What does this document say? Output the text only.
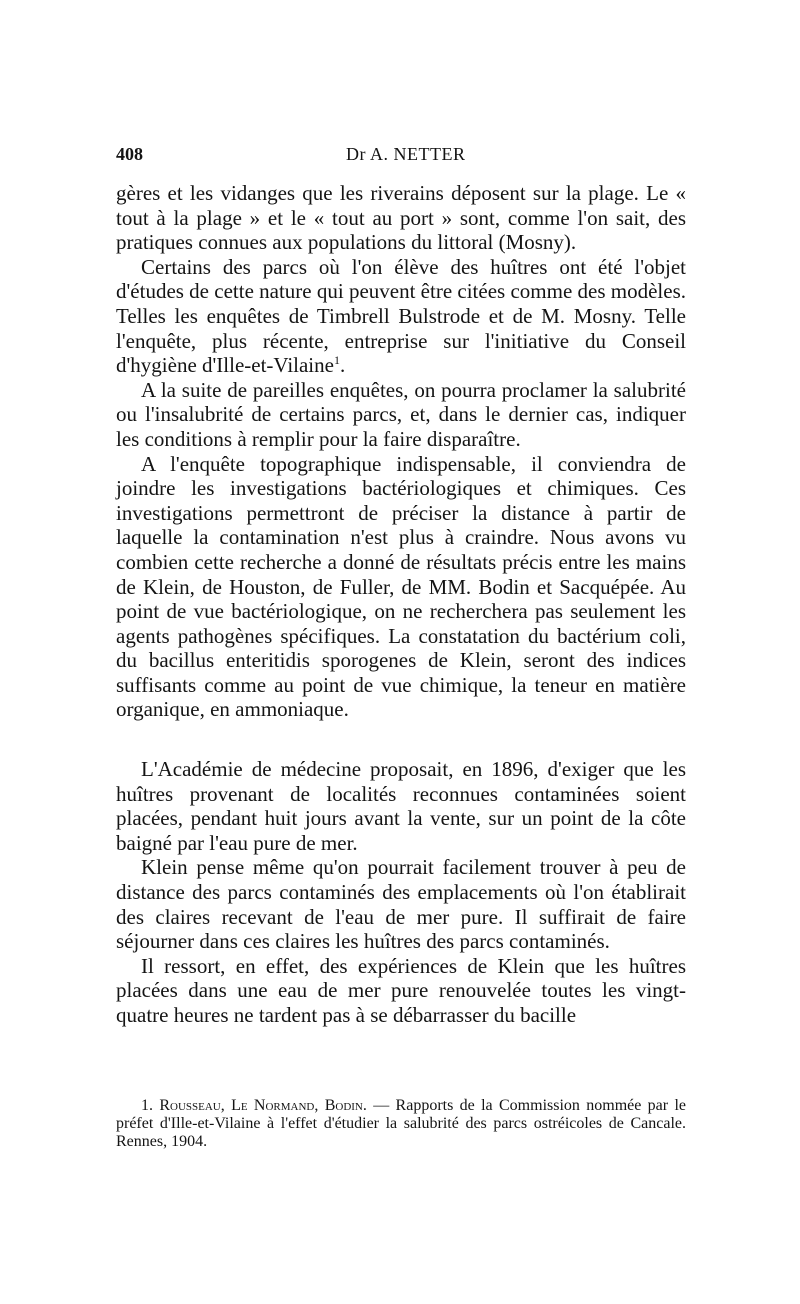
408	Dr A. NETTER

gères et les vidanges que les riverains déposent sur la plage. Le « tout à la plage » et le « tout au port » sont, comme l'on sait, des pratiques connues aux populations du littoral (Mosny).

Certains des parcs où l'on élève des huîtres ont été l'objet d'études de cette nature qui peuvent être citées comme des modèles. Telles les enquêtes de Timbrell Bulstrode et de M. Mosny. Telle l'enquête, plus récente, entreprise sur l'initiative du Conseil d'hygiène d'Ille-et-Vilaine$^1$.

A la suite de pareilles enquêtes, on pourra proclamer la salubrité ou l'insalubrité de certains parcs, et, dans le dernier cas, indiquer les conditions à remplir pour la faire disparaître.

A l'enquête topographique indispensable, il conviendra de joindre les investigations bactériologiques et chimiques. Ces investigations permettront de préciser la distance à partir de laquelle la contamination n'est plus à craindre. Nous avons vu combien cette recherche a donné de résultats précis entre les mains de Klein, de Houston, de Fuller, de MM. Bodin et Sacquépée. Au point de vue bactériologique, on ne recherchera pas seulement les agents pathogènes spécifiques. La constatation du bactérium coli, du bacillus enteritidis sporogenes de Klein, seront des indices suffisants comme au point de vue chimique, la teneur en matière organique, en ammoniaque.

L'Académie de médecine proposait, en 1896, d'exiger que les huîtres provenant de localités reconnues contaminées soient placées, pendant huit jours avant la vente, sur un point de la côte baigné par l'eau pure de mer.

Klein pense même qu'on pourrait facilement trouver à peu de distance des parcs contaminés des emplacements où l'on établirait des claires recevant de l'eau de mer pure. Il suffirait de faire séjourner dans ces claires les huîtres des parcs contaminés.

Il ressort, en effet, des expériences de Klein que les huîtres placées dans une eau de mer pure renouvelée toutes les vingt-quatre heures ne tardent pas à se débarrasser du bacille

1. Rousseau, Le Normand, Bodin. — Rapports de la Commission nommée par le préfet d'Ille-et-Vilaine à l'effet d'étudier la salubrité des parcs ostréicoles de Cancale. Rennes, 1904.
